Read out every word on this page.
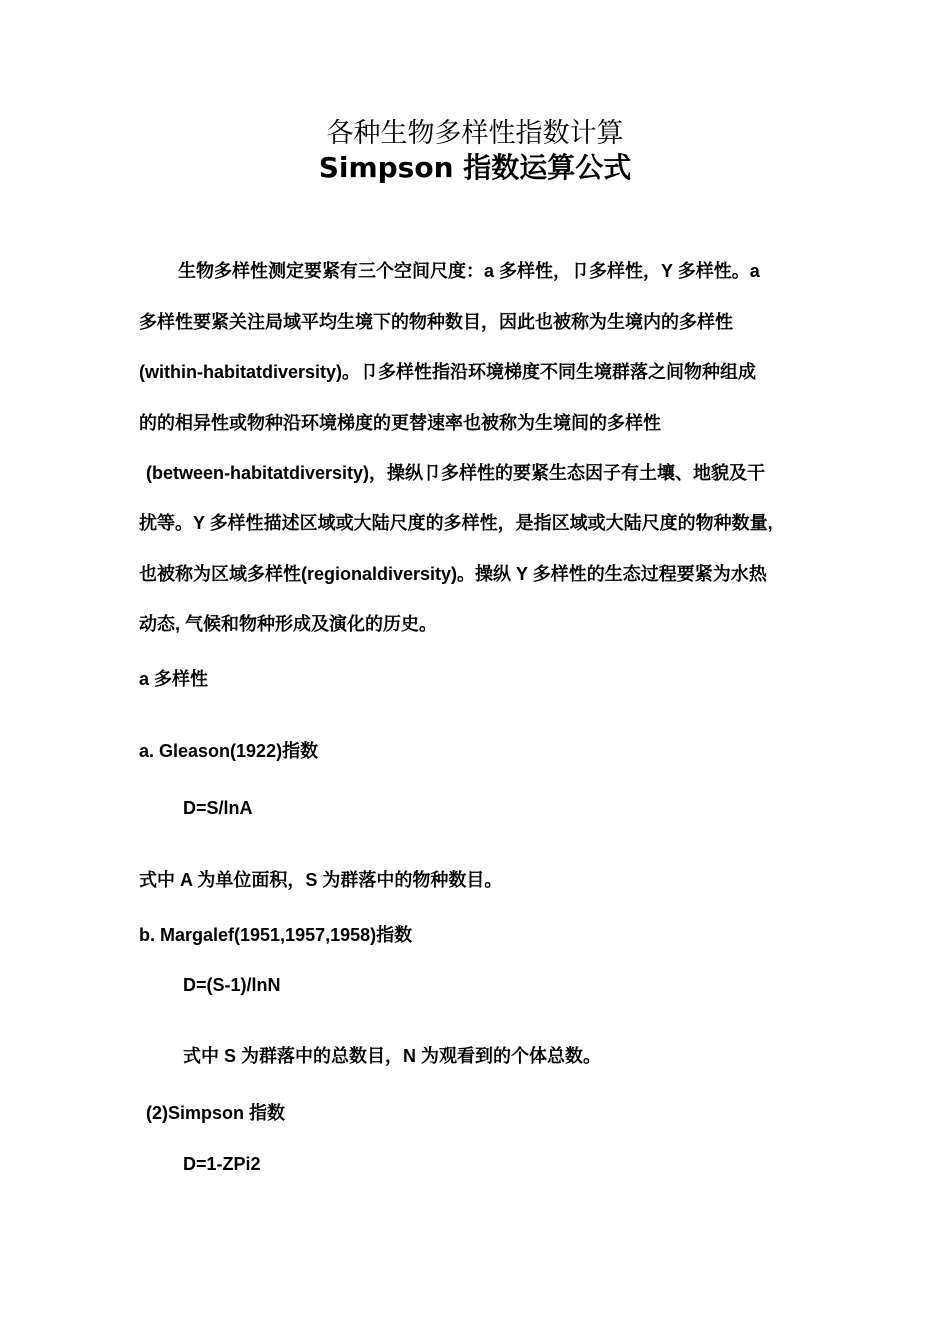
各种生物多样性指数计算
Simpson 指数运算公式
生物多样性测定要紧有三个空间尺度：a 多样性，卩多样性，Y 多样性。a
多样性要紧关注局域平均生境下的物种数目，因此也被称为生境内的多样性
(within-habitatdiversity)。卩多样性指沿环境梯度不同生境群落之间物种组成
的的相异性或物种沿环境梯度的更替速率也被称为生境间的多样性
(between-habitatdiversity)，操纵卩多样性的要紧生态因子有土壤、地貌及干
扰等。Y 多样性描述区域或大陆尺度的多样性，是指区域或大陆尺度的物种数量,
也被称为区域多样性(regionaldiversity)。操纵 Y 多样性的生态过程要紧为水热
动态, 气候和物种形成及演化的历史。
a 多样性
a. Gleason(1922)指数
D=S/lnA
式中 A 为单位面积，S 为群落中的物种数目。
b. Margalef(1951,1957,1958)指数
D=(S-1)/lnN
式中 S 为群落中的总数目，N 为观看到的个体总数。
(2)Simpson 指数
D=1-ZPi2
